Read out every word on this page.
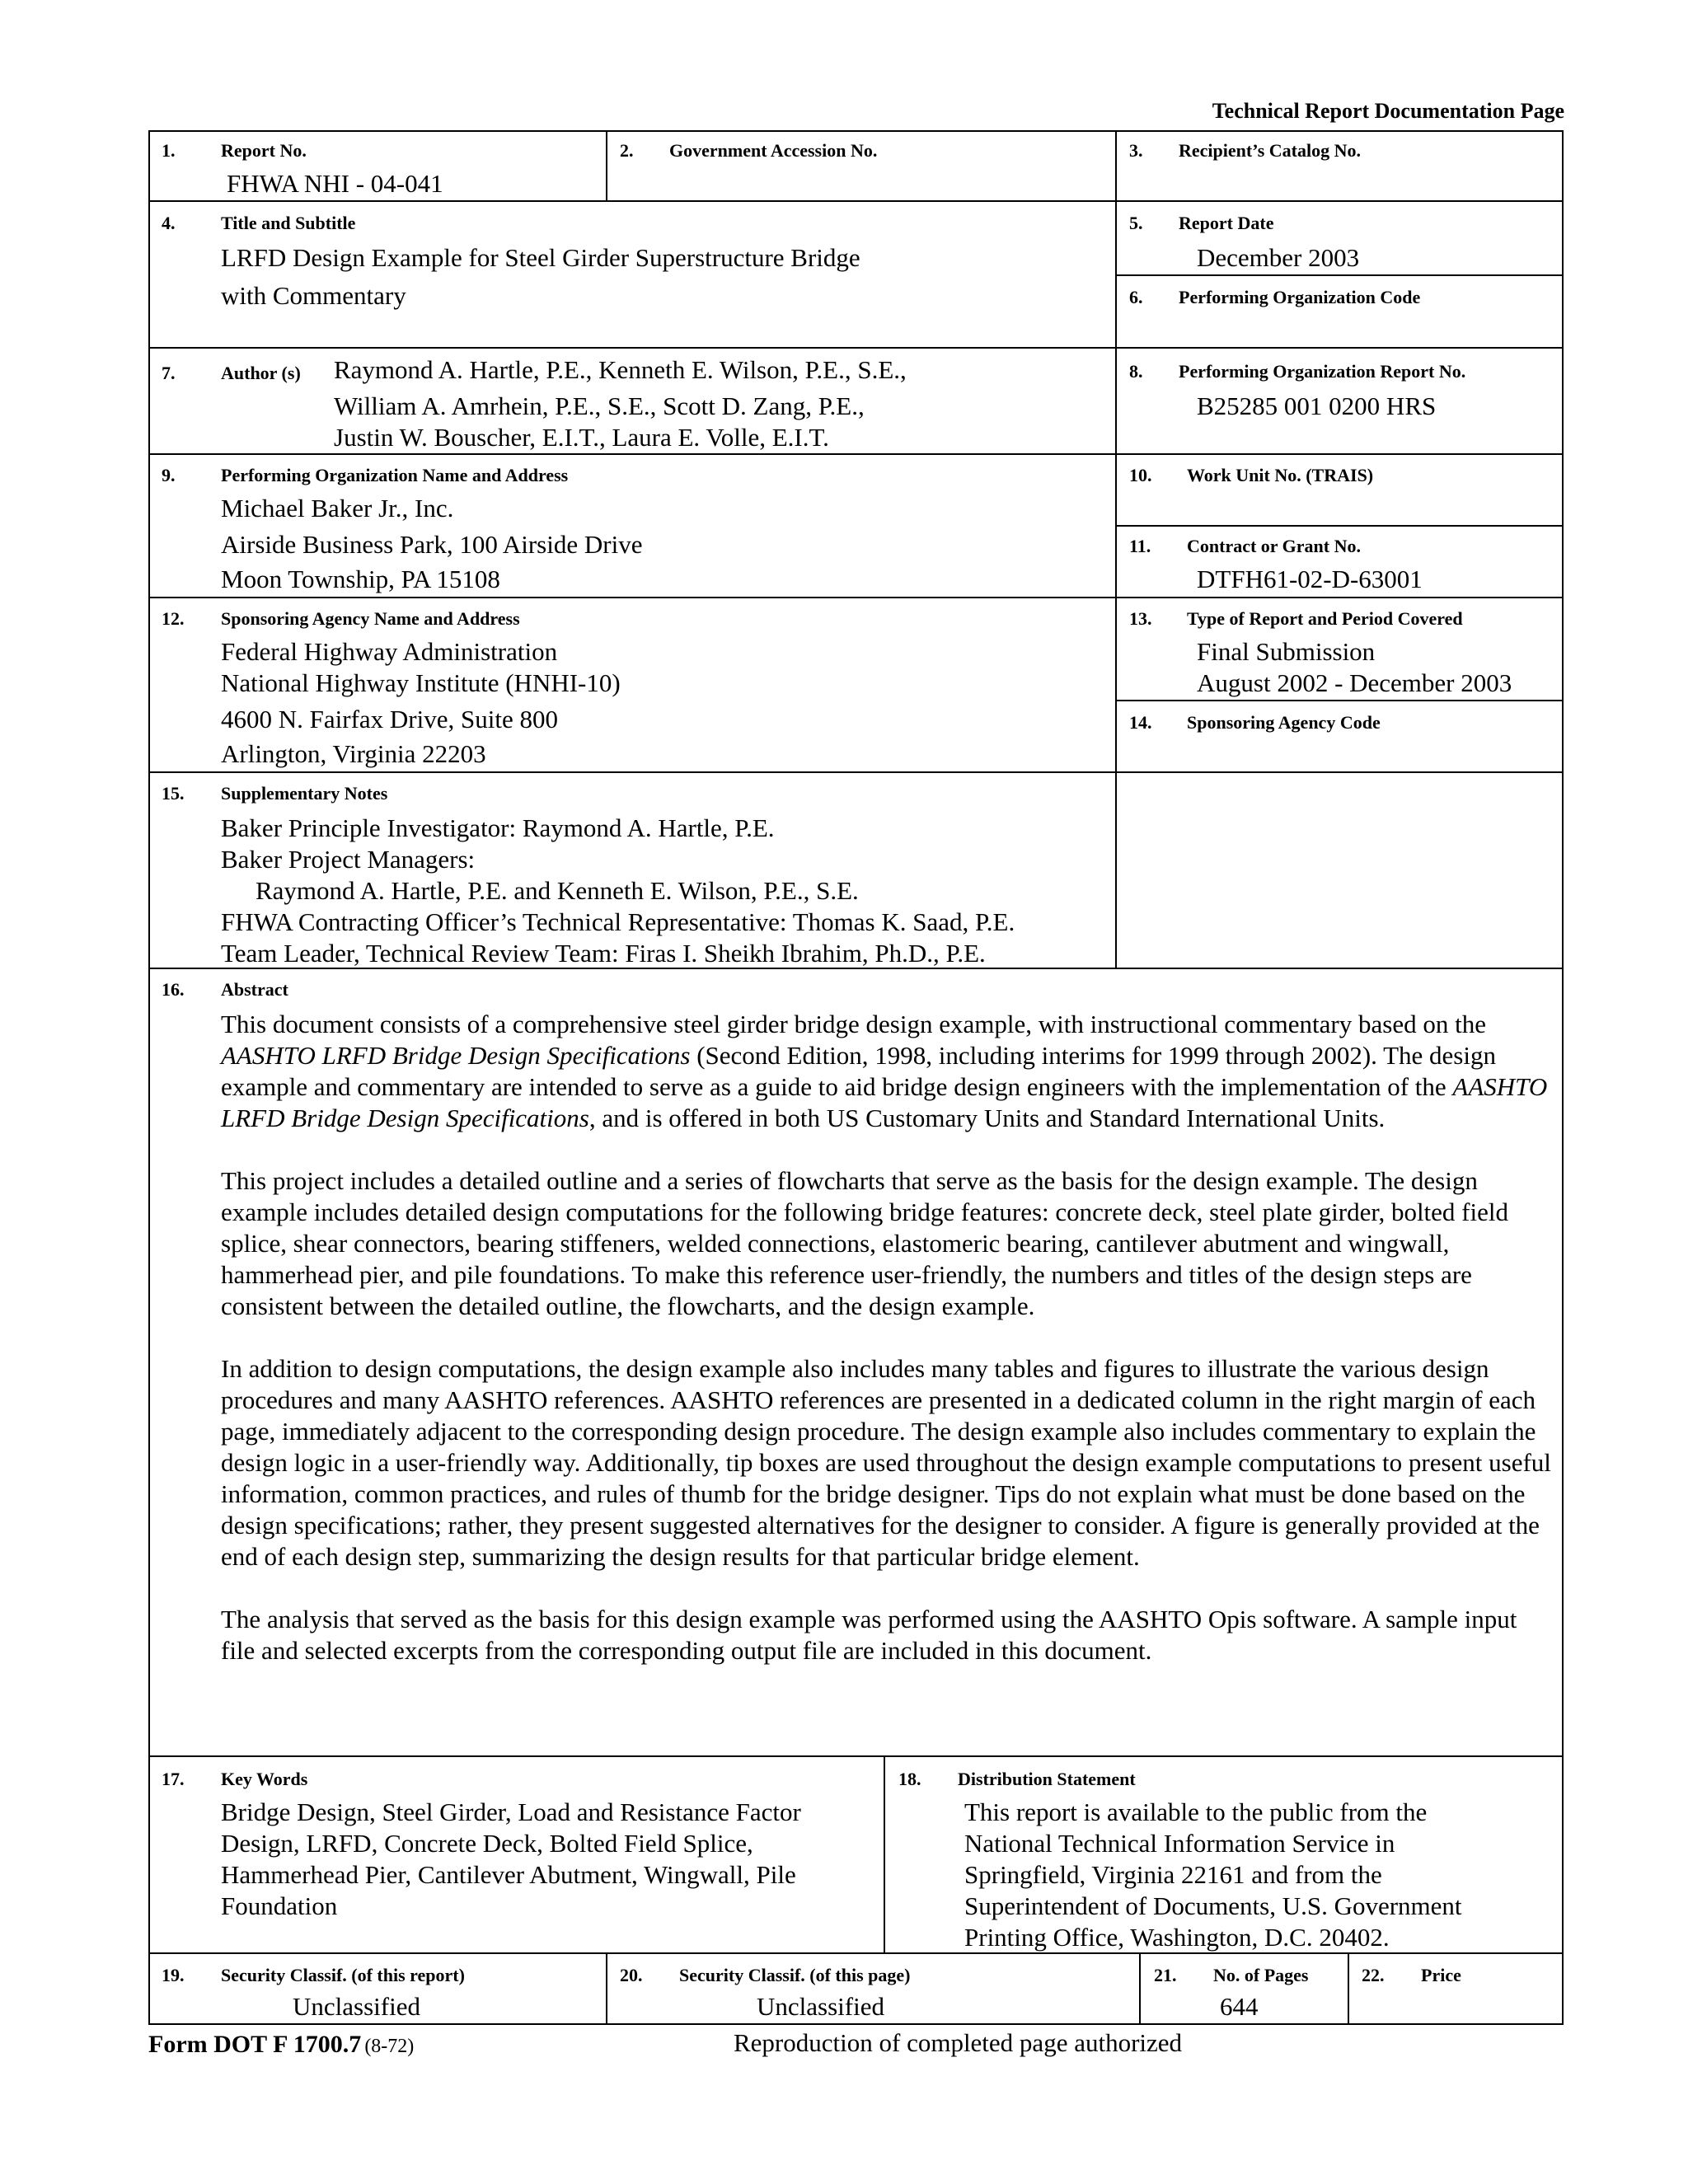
Technical Report Documentation Page
1.	Report No.
FHWA NHI - 04-041
2. Government Accession No.	3. Recipient’s Catalog No.
4.	Title and Subtitle
LRFD Design Example for Steel Girder Superstructure Bridge
with Commentary
5. Report Date
December 2003
6. Performing Organization Code
7.	Author (s) Raymond A. Hartle, P.E., Kenneth E. Wilson, P.E., S.E.,
William A. Amrhein, P.E., S.E., Scott D. Zang, P.E.,
Justin W. Bouscher, E.I.T., Laura E. Volle, E.I.T.
8. Performing Organization Report No.
B25285 001 0200 HRS
9.	Performing Organization Name and Address
Michael Baker Jr., Inc.
Airside Business Park, 100 Airside Drive
Moon Township, PA 15108
10. Work Unit No. (TRAIS)
11. Contract or Grant No.
DTFH61-02-D-63001
12. Sponsoring Agency Name and Address
Federal Highway Administration
National Highway Institute (HNHI-10)
4600 N. Fairfax Drive, Suite 800
Arlington, Virginia 22203
13. Type of Report and Period Covered
Final Submission
August 2002 - December 2003
14. Sponsoring Agency Code
15. Supplementary Notes
Baker Principle Investigator: Raymond A. Hartle, P.E.
Baker Project Managers:
Raymond A. Hartle, P.E. and Kenneth E. Wilson, P.E., S.E.
FHWA Contracting Officer’s Technical Representative: Thomas K. Saad, P.E.
Team Leader, Technical Review Team: Firas I. Sheikh Ibrahim, Ph.D., P.E.
16. Abstract

This document consists of a comprehensive steel girder bridge design example, with instructional commentary based on the AASHTO LRFD Bridge Design Specifications (Second Edition, 1998, including interims for 1999 through 2002). The design example and commentary are intended to serve as a guide to aid bridge design engineers with the implementation of the AASHTO LRFD Bridge Design Specifications, and is offered in both US Customary Units and Standard International Units.

This project includes a detailed outline and a series of flowcharts that serve as the basis for the design example. The design example includes detailed design computations for the following bridge features: concrete deck, steel plate girder, bolted field splice, shear connectors, bearing stiffeners, welded connections, elastomeric bearing, cantilever abutment and wingwall, hammerhead pier, and pile foundations. To make this reference user-friendly, the numbers and titles of the design steps are consistent between the detailed outline, the flowcharts, and the design example.

In addition to design computations, the design example also includes many tables and figures to illustrate the various design procedures and many AASHTO references. AASHTO references are presented in a dedicated column in the right margin of each page, immediately adjacent to the corresponding design procedure. The design example also includes commentary to explain the design logic in a user-friendly way. Additionally, tip boxes are used throughout the design example computations to present useful information, common practices, and rules of thumb for the bridge designer. Tips do not explain what must be done based on the design specifications; rather, they present suggested alternatives for the designer to consider. A figure is generally provided at the end of each design step, summarizing the design results for that particular bridge element.

The analysis that served as the basis for this design example was performed using the AASHTO Opis software. A sample input file and selected excerpts from the corresponding output file are included in this document.

17. Key Words
Bridge Design, Steel Girder, Load and Resistance Factor
Design, LRFD, Concrete Deck, Bolted Field Splice,
Hammerhead Pier, Cantilever Abutment, Wingwall, Pile
Foundation
18. Distribution Statement
This report is available to the public from the
National Technical Information Service in
Springfield, Virginia 22161 and from the
Superintendent of Documents, U.S. Government
Printing Office, Washington, D.C. 20402.
19. Security Classif. (of this report)
Unclassified
20. Security Classif. (of this page)
Unclassified
21. No. of Pages
644
22. Price
Form DOT F 1700.7 (8-72)	Reproduction of completed page authorized
